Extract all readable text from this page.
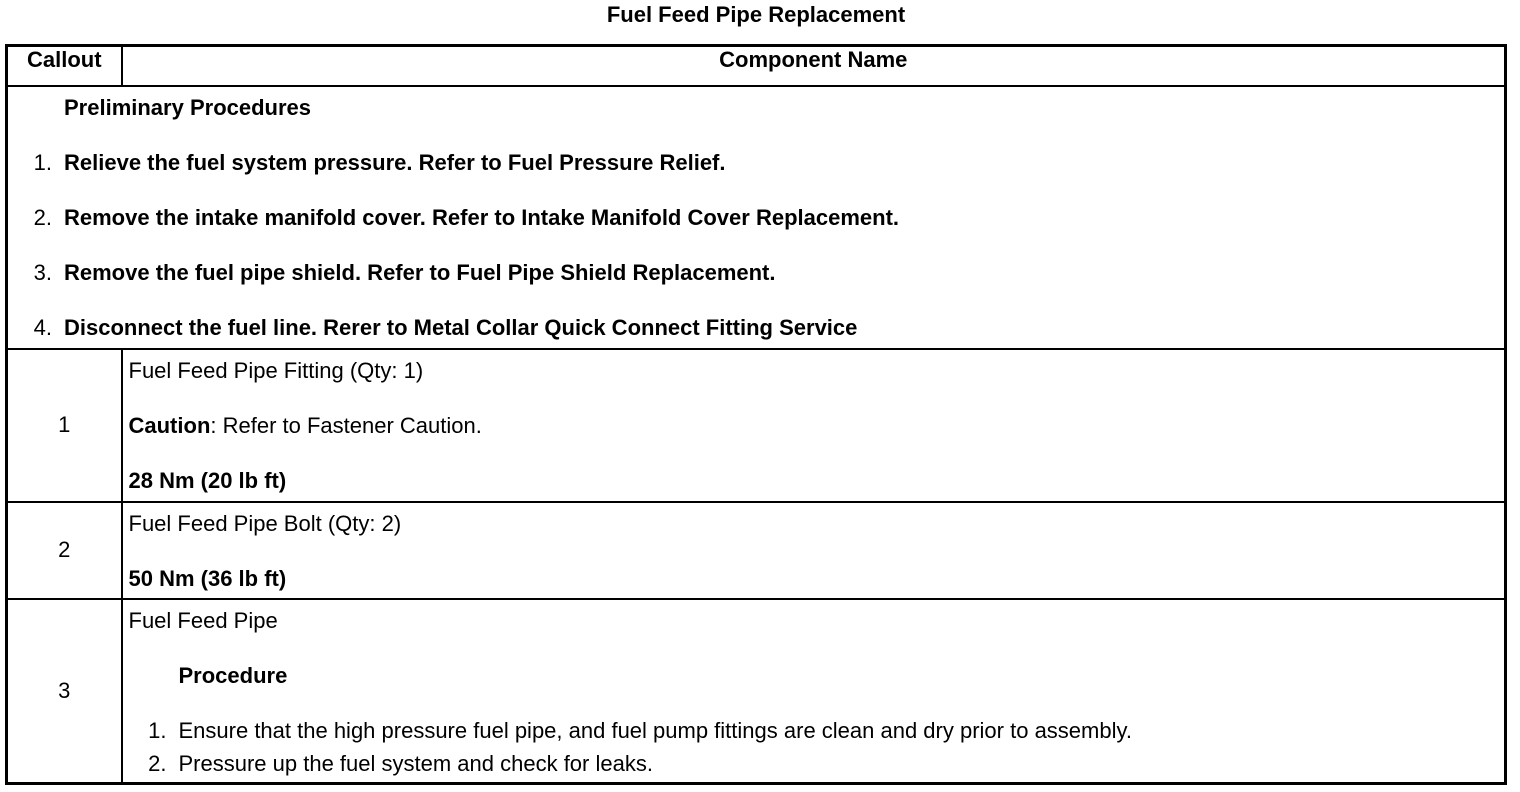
Fuel Feed Pipe Replacement
Callout	Component Name

Preliminary Procedures
1. Relieve the fuel system pressure. Refer to Fuel Pressure Relief.
2. Remove the intake manifold cover. Refer to Intake Manifold Cover Replacement.
3. Remove the fuel pipe shield. Refer to Fuel Pipe Shield Replacement.
4. Disconnect the fuel line. Rerer to Metal Collar Quick Connect Fitting Service	

1	Fuel Feed Pipe Fitting (Qty: 1)
Caution: Refer to Fastener Caution.
28 Nm (20 lb ft)

2	Fuel Feed Pipe Bolt (Qty: 2)
50 Nm (36 lb ft)

3	Fuel Feed Pipe
Procedure
1. Ensure that the high pressure fuel pipe, and fuel pump fittings are clean and dry prior to assembly.
2. Pressure up the fuel system and check for leaks.
